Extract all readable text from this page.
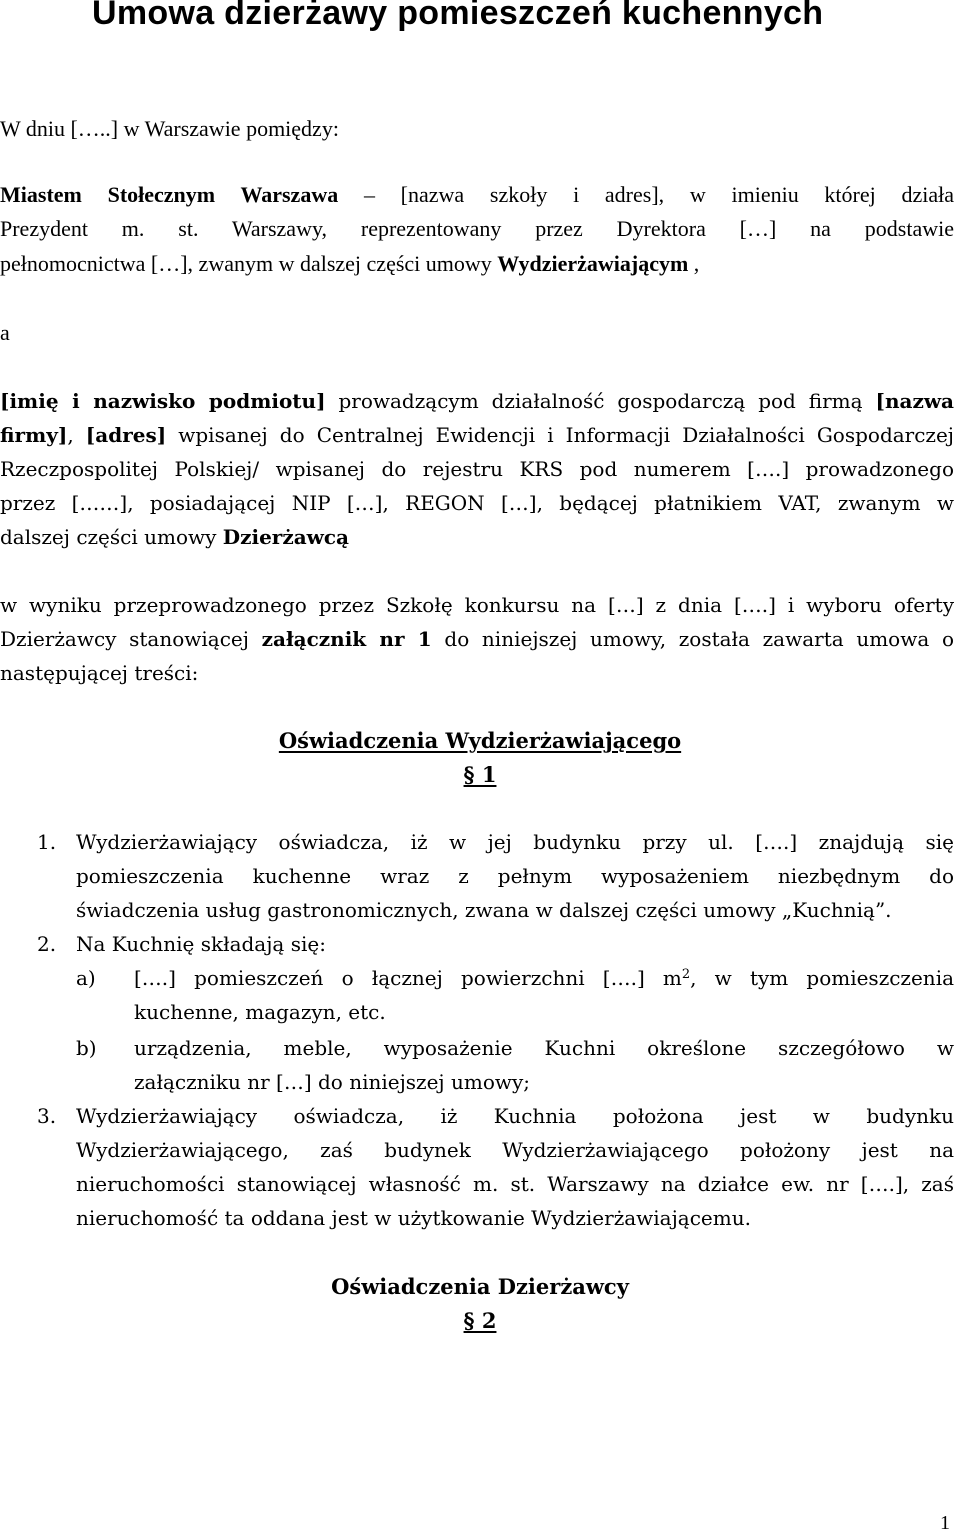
Umowa dzierżawy pomieszczeń kuchennych
W dniu […..] w Warszawie pomiędzy:
Miastem Stołecznym Warszawa – [nazwa szkoły i adres], w imieniu której działa
Prezydent m. st. Warszawy, reprezentowany przez Dyrektora […] na podstawie
pełnomocnictwa […], zwanym w dalszej części umowy Wydzierżawiającym ,
a
[imię i nazwisko podmiotu] prowadzącym działalność gospodarczą pod firmą [nazwa
firmy], [adres] wpisanej do Centralnej Ewidencji i Informacji Działalności Gospodarczej
Rzeczpospolitej Polskiej/ wpisanej do rejestru KRS pod numerem [….] prowadzonego
przez [……], posiadającej NIP […], REGON […], będącej płatnikiem VAT, zwanym w
dalszej części umowy Dzierżawcą
w wyniku przeprowadzonego przez Szkołę konkursu na […] z dnia [….] i wyboru oferty
Dzierżawcy stanowiącej załącznik nr 1 do niniejszej umowy, została zawarta umowa o
następującej treści:
Oświadczenia Wydzierżawiającego
§ 1
1. Wydzierżawiający oświadcza, iż w jej budynku przy ul. [….] znajdują się
pomieszczenia kuchenne wraz z pełnym wyposażeniem niezbędnym do
świadczenia usług gastronomicznych, zwana w dalszej części umowy „Kuchnią”.
2. Na Kuchnię składają się:
a) [….] pomieszczeń o łącznej powierzchni [….] $m^2$, w tym pomieszczenia
kuchenne, magazyn, etc.
b) urządzenia, meble, wyposażenie Kuchni określone szczegółowo w
załączniku nr […] do niniejszej umowy;
3. Wydzierżawiający oświadcza, iż Kuchnia położona jest w budynku
Wydzierżawiającego, zaś budynek Wydzierżawiającego położony jest na
nieruchomości stanowiącej własność m. st. Warszawy na działce ew. nr [….], zaś
nieruchomość ta oddana jest w użytkowanie Wydzierżawiającemu.
Oświadczenia Dzierżawcy
§ 2
1
